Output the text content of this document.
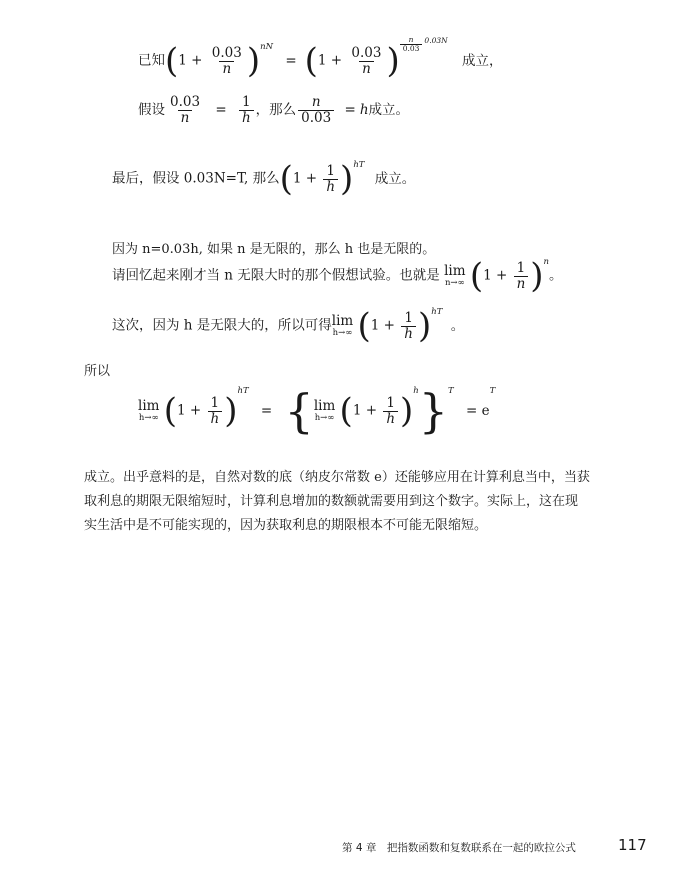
已知$(1 + \frac{0.03}{n} )^{nN} = (1 + \frac{0.03}{n}$ ) $\frac{n}{0.03} 0.03N$
成立，
假设 $\frac{0.03}{n} = \frac{1}{h}$ ，那么 $\frac{n}{0.03} = h$成立。
最后，假设 0.03N=T, 那么$(1 + \frac{1}{h} )^{hT}$ 成立。
因为 n=0.03h, 如果 n 是无限的，那么 h 也是无限的。
请回忆起来刚才当 n 无限大时的那个假想试验。也就是 lim
n→∞ $(1 + \frac{1}{n} )^n$。
这次，因为 h 是无限大的，所以可得 lim
h→∞ $(1 + \frac{1}{h} )^{hT}$ 。
所以
lim
h→∞ $(1 + \frac{1}{h} )^{hT}$ = { lim
h→∞ $(1 + \frac{1}{h} )^h\}^T = e^T$
成立。出乎意料的是，自然对数的底（纳皮尔常数 e）还能够应用在计算利息当中，当获
取利息的期限无限缩短时，计算利息增加的数额就需要用到这个数字。实际上，这在现
实生活中是不可能实现的，因为获取利息的期限根本不可能无限缩短。
第 4 章　把指数函数和复数联系在一起的欧拉公式	117
